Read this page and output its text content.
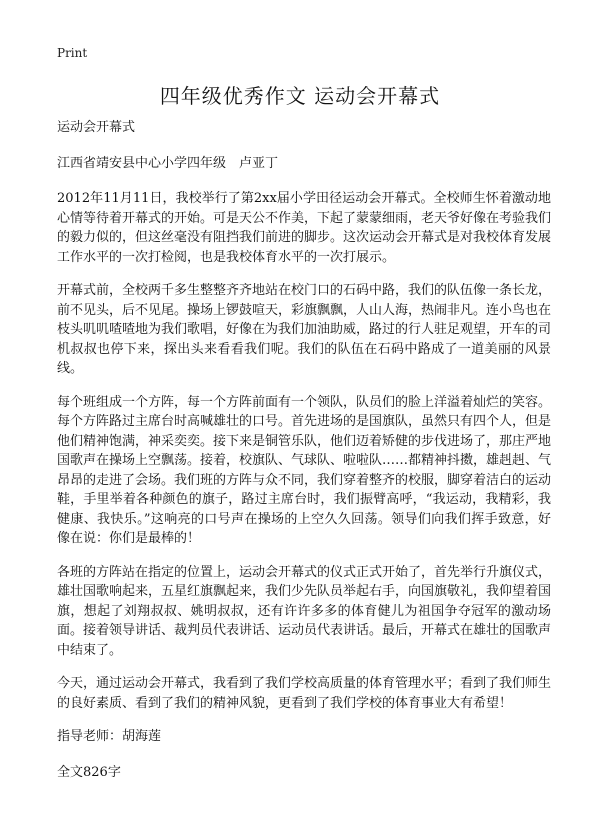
Print
四年级优秀作文 运动会开幕式

运动会开幕式

江西省靖安县中心小学四年级　卢亚丁

2012年11月11日，我校举行了第2xx届小学田径运动会开幕式。全校师生怀着激动地心情等待着开幕式的开始。可是天公不作美，下起了蒙蒙细雨，老天爷好像在考验我们的毅力似的，但这丝毫没有阻挡我们前进的脚步。这次运动会开幕式是对我校体育发展工作水平的一次打检阅，也是我校体育水平的一次打展示。

开幕式前，全校两千多生整整齐齐地站在校门口的石码中路，我们的队伍像一条长龙，前不见头，后不见尾。操场上锣鼓喧天，彩旗飘飘，人山人海，热闹非凡。连小鸟也在枝头叽叽喳喳地为我们歌唱，好像在为我们加油助威，路过的行人驻足观望，开车的司机叔叔也停下来，探出头来看看我们呢。我们的队伍在石码中路成了一道美丽的风景线。

每个班组成一个方阵，每一个方阵前面有一个领队，队员们的脸上洋溢着灿烂的笑容。每个方阵路过主席台时高喊雄壮的口号。首先进场的是国旗队，虽然只有四个人，但是他们精神饱满，神采奕奕。接下来是铜管乐队，他们迈着矫健的步伐进场了，那庄严地国歌声在操场上空飘荡。接着，校旗队、气球队、啦啦队……都精神抖擞，雄赳赳、气昂昂的走进了会场。我们班的方阵与众不同，我们穿着整齐的校服，脚穿着洁白的运动鞋，手里举着各种颜色的旗子，路过主席台时，我们振臂高呼，“我运动，我精彩，我健康、我快乐。”这响亮的口号声在操场的上空久久回荡。领导们向我们挥手致意，好像在说：你们是最棒的！

各班的方阵站在指定的位置上，运动会开幕式的仪式正式开始了，首先举行升旗仪式，雄壮国歌响起来，五星红旗飘起来，我们少先队员举起右手，向国旗敬礼，我仰望着国旗，想起了刘翔叔叔、姚明叔叔，还有许许多多的体育健儿为祖国争夺冠军的激动场面。接着领导讲话、裁判员代表讲话、运动员代表讲话。最后，开幕式在雄壮的国歌声中结束了。

今天，通过运动会开幕式，我看到了我们学校高质量的体育管理水平；看到了我们师生的良好素质、看到了我们的精神风貌，更看到了我们学校的体育事业大有希望！

指导老师：胡海莲

全文826字
